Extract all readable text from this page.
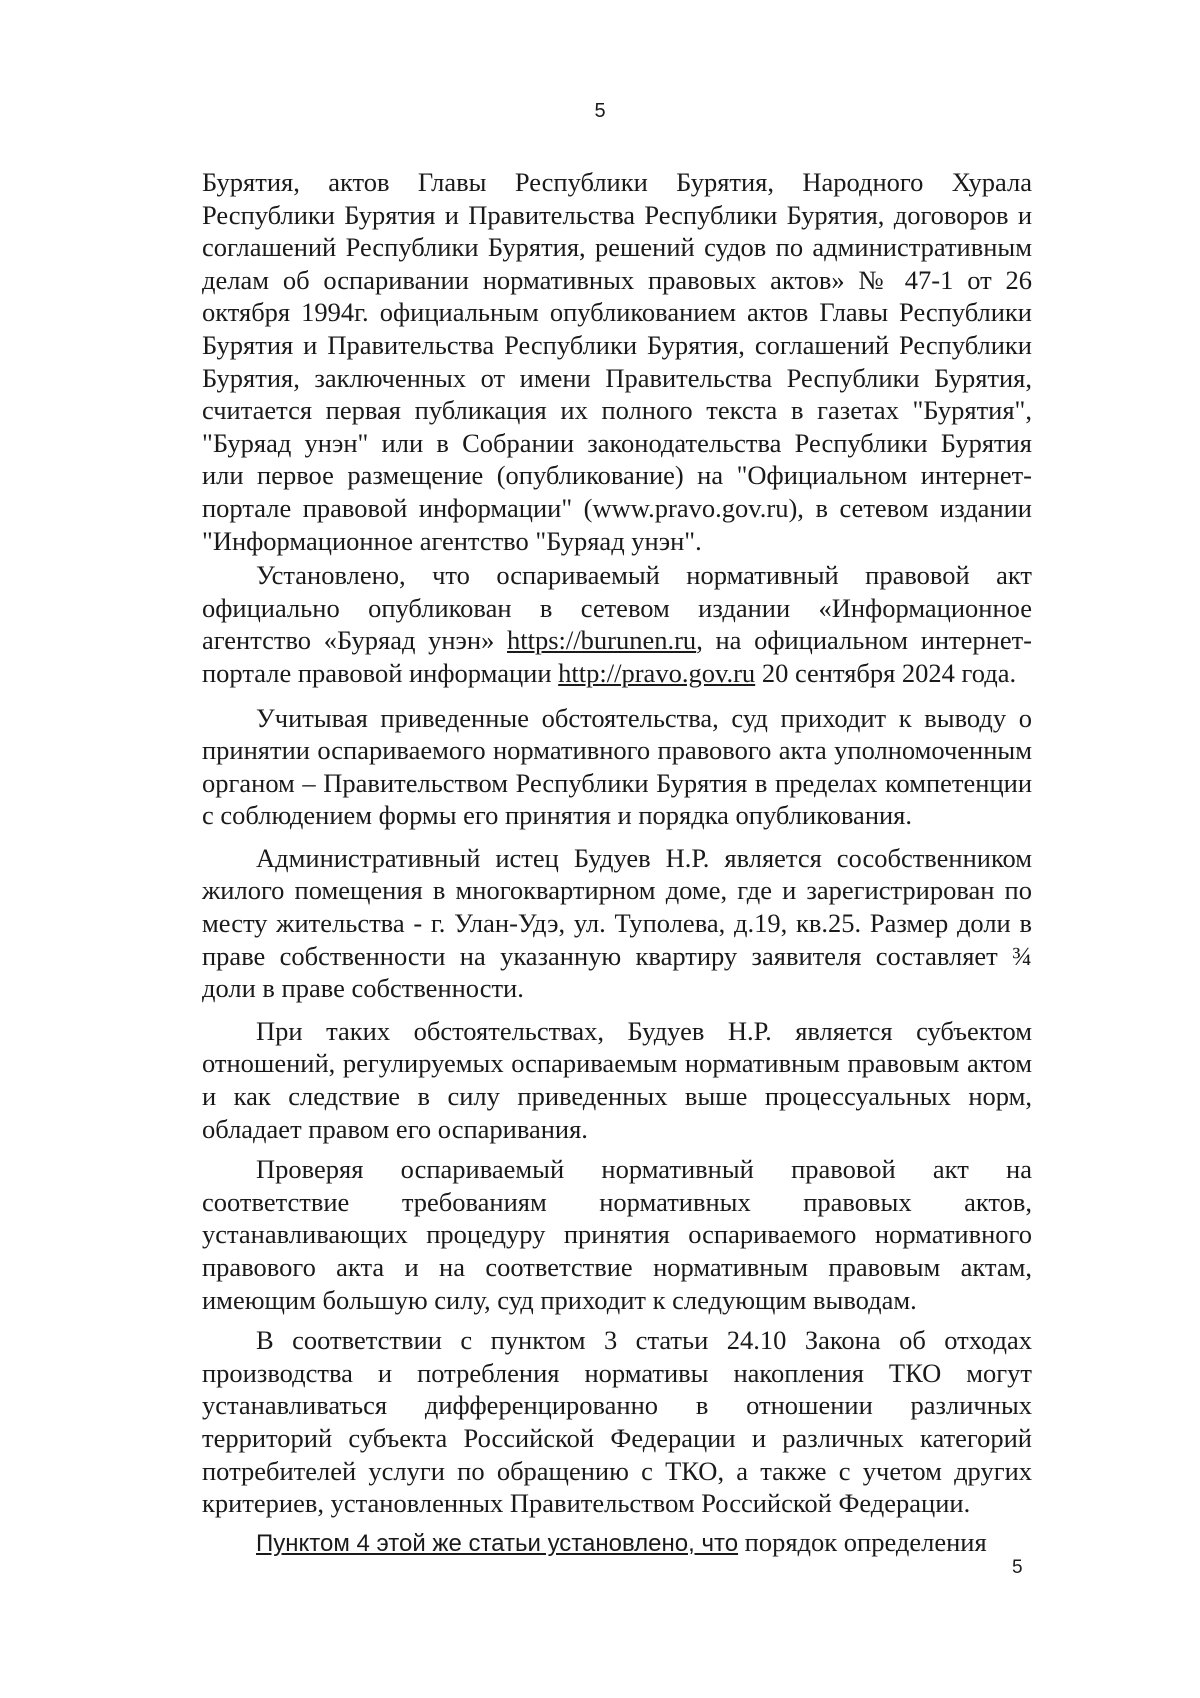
5

Бурятия, актов Главы Республики Бурятия, Народного Хурала Республики Бурятия и Правительства Республики Бурятия, договоров и соглашений Республики Бурятия, решений судов по административным делам об оспаривании нормативных правовых актов» № 47-1 от 26 октября 1994г. официальным опубликованием актов Главы Республики Бурятия и Правительства Республики Бурятия, соглашений Республики Бурятия, заключенных от имени Правительства Республики Бурятия, считается первая публикация их полного текста в газетах "Бурятия", "Буряад унэн" или в Собрании законодательства Республики Бурятия или первое размещение (опубликование) на "Официальном интернет-портале правовой информации" (www.pravo.gov.ru), в сетевом издании "Информационное агентство "Буряад унэн".

Установлено, что оспариваемый нормативный правовой акт официально опубликован в сетевом издании «Информационное агентство «Буряад унэн» https://burunen.ru, на официальном интернет-портале правовой информации http://pravo.gov.ru 20 сентября 2024 года.

Учитывая приведенные обстоятельства, суд приходит к выводу о принятии оспариваемого нормативного правового акта уполномоченным органом – Правительством Республики Бурятия в пределах компетенции с соблюдением формы его принятия и порядка опубликования.

Административный истец Будуев Н.Р. является сособственником жилого помещения в многоквартирном доме, где и зарегистрирован по месту жительства - г. Улан-Удэ, ул. Туполева, д.19, кв.25. Размер доли в праве собственности на указанную квартиру заявителя составляет ¾ доли в праве собственности.

При таких обстоятельствах, Будуев Н.Р. является субъектом отношений, регулируемых оспариваемым нормативным правовым актом и как следствие в силу приведенных выше процессуальных норм, обладает правом его оспаривания.

Проверяя оспариваемый нормативный правовой акт на соответствие требованиям нормативных правовых актов, устанавливающих процедуру принятия оспариваемого нормативного правового акта и на соответствие нормативным правовым актам, имеющим большую силу, суд приходит к следующим выводам.

В соответствии с пунктом 3 статьи 24.10 Закона об отходах производства и потребления нормативы накопления ТКО могут устанавливаться дифференцированно в отношении различных территорий субъекта Российской Федерации и различных категорий потребителей услуги по обращению с ТКО, а также с учетом других критериев, установленных Правительством Российской Федерации.

Пунктом 4 этой же статьи установлено, что порядок определения

5
